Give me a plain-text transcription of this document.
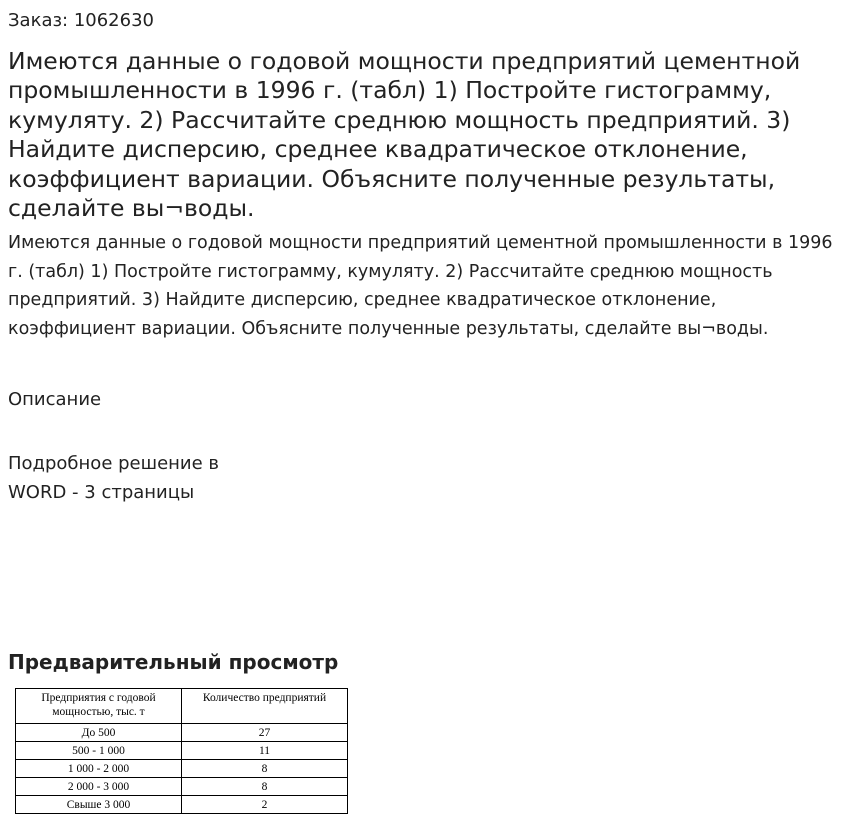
Заказ: 1062630
Имеются данные о годовой мощности предприятий цементной промышленности в 1996 г. (табл) 1) Постройте гистограмму, кумуляту. 2) Рассчитайте среднюю мощность предприятий. 3) Найдите дисперсию, среднее квадратическое отклонение, коэффициент вариации. Объясните полученные результаты, сделайте вы¬воды.

Имеются данные о годовой мощности предприятий цементной промышленности в 1996 г. (табл) 1) Постройте гистограмму, кумуляту. 2) Рассчитайте среднюю мощность предприятий. 3) Найдите дисперсию, среднее квадратическое отклонение, коэффициент вариации. Объясните полученные результаты, сделайте вы¬воды.

Описание
Подробное решение в
WORD - 3 страницы
Предварительный просмотр
Предприятия с годовой мощностью, тыс. т	Количество предприятий

До 500	27
500 - 1 000	11
1 000 - 2 000	8
2 000 - 3 000	8
Свыше 3 000	2
